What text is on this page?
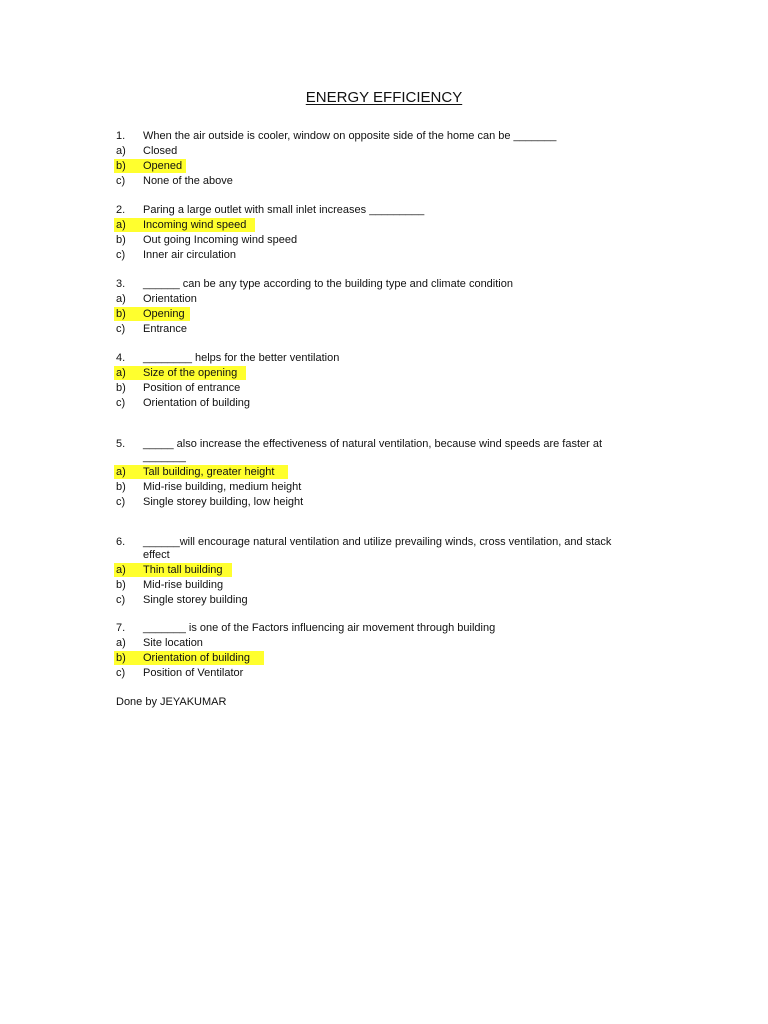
ENERGY EFFICIENCY
1. When the air outside is cooler, window on opposite side of the home can be _______
a) Closed
b) Opened
c) None of the above
2. Paring a large outlet with small inlet increases _________
a) Incoming wind speed
b) Out going Incoming wind speed
c) Inner air circulation
3. ______ can be any type according to the building type and climate condition
a) Orientation
b) Opening
c) Entrance
4. ________ helps for the better ventilation
a) Size of the opening
b) Position of entrance
c) Orientation of building
5. _____ also increase the effectiveness of natural ventilation, because wind speeds are faster at
_______
a) Tall building, greater height
b) Mid-rise building, medium height
c) Single storey building, low height
6. ______will encourage natural ventilation and utilize prevailing winds, cross ventilation, and stack
effect
a) Thin tall building
b) Mid-rise building
c) Single storey building
7. _______ is one of the Factors influencing air movement through building
a) Site location
b) Orientation of building
c) Position of Ventilator
Done by JEYAKUMAR
